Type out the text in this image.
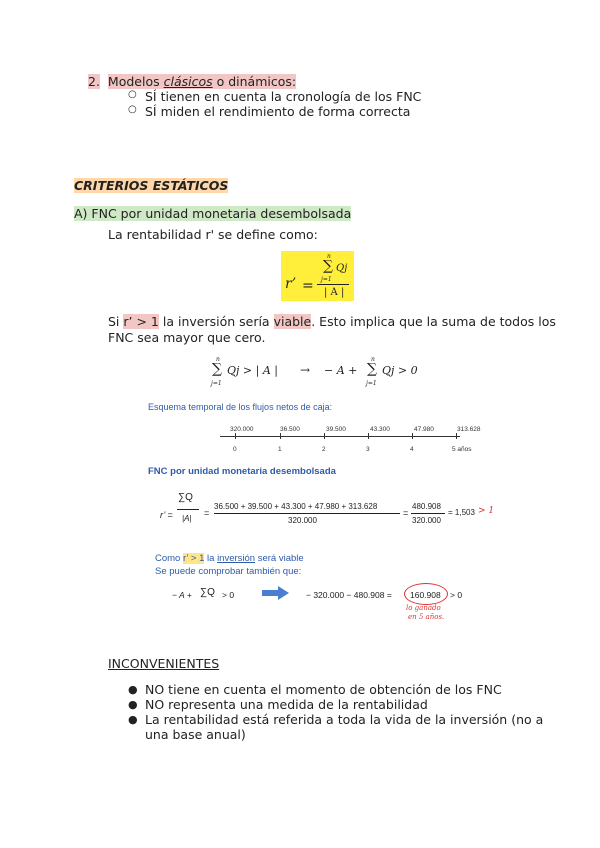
2. Modelos clásicos o dinámicos:
○ SÍ tienen en cuenta la cronología de los FNC
○ SÍ miden el rendimiento de forma correcta
CRITERIOS ESTÁTICOS
A) FNC por unidad monetaria desembolsada
La rentabilidad r' se define como:
r’ =
n
∑ Qj
j=1
| A |
Si r’ > 1 la inversión sería viable. Esto implica que la suma de todos los
FNC sea mayor que cero.
n
∑
j=1
Qj > | A | → − A +
n
∑
j=1
Qj > 0
Esquema temporal de los flujos netos de caja:
320.000	36.500	39.500	43.300	47.980	313.628
0	1	2	3	4	5 años
FNC por unidad monetaria desembolsada
r’ =
∑Q
|A|
=
36.500 + 39.500 + 43.300 + 47.980 + 313.628
320.000
=
480.908
320.000
= 1,503 > 1
Como r’ > 1 la inversión será viable
Se puede comprobar también que:
− A + ∑Q > 0	− 320.000 − 480.908 = 160.908 > 0
lo ganado
en 5 años.
INCONVENIENTES
● NO tiene en cuenta el momento de obtención de los FNC
● NO representa una medida de la rentabilidad
● La rentabilidad está referida a toda la vida de la inversión (no a
una base anual)
